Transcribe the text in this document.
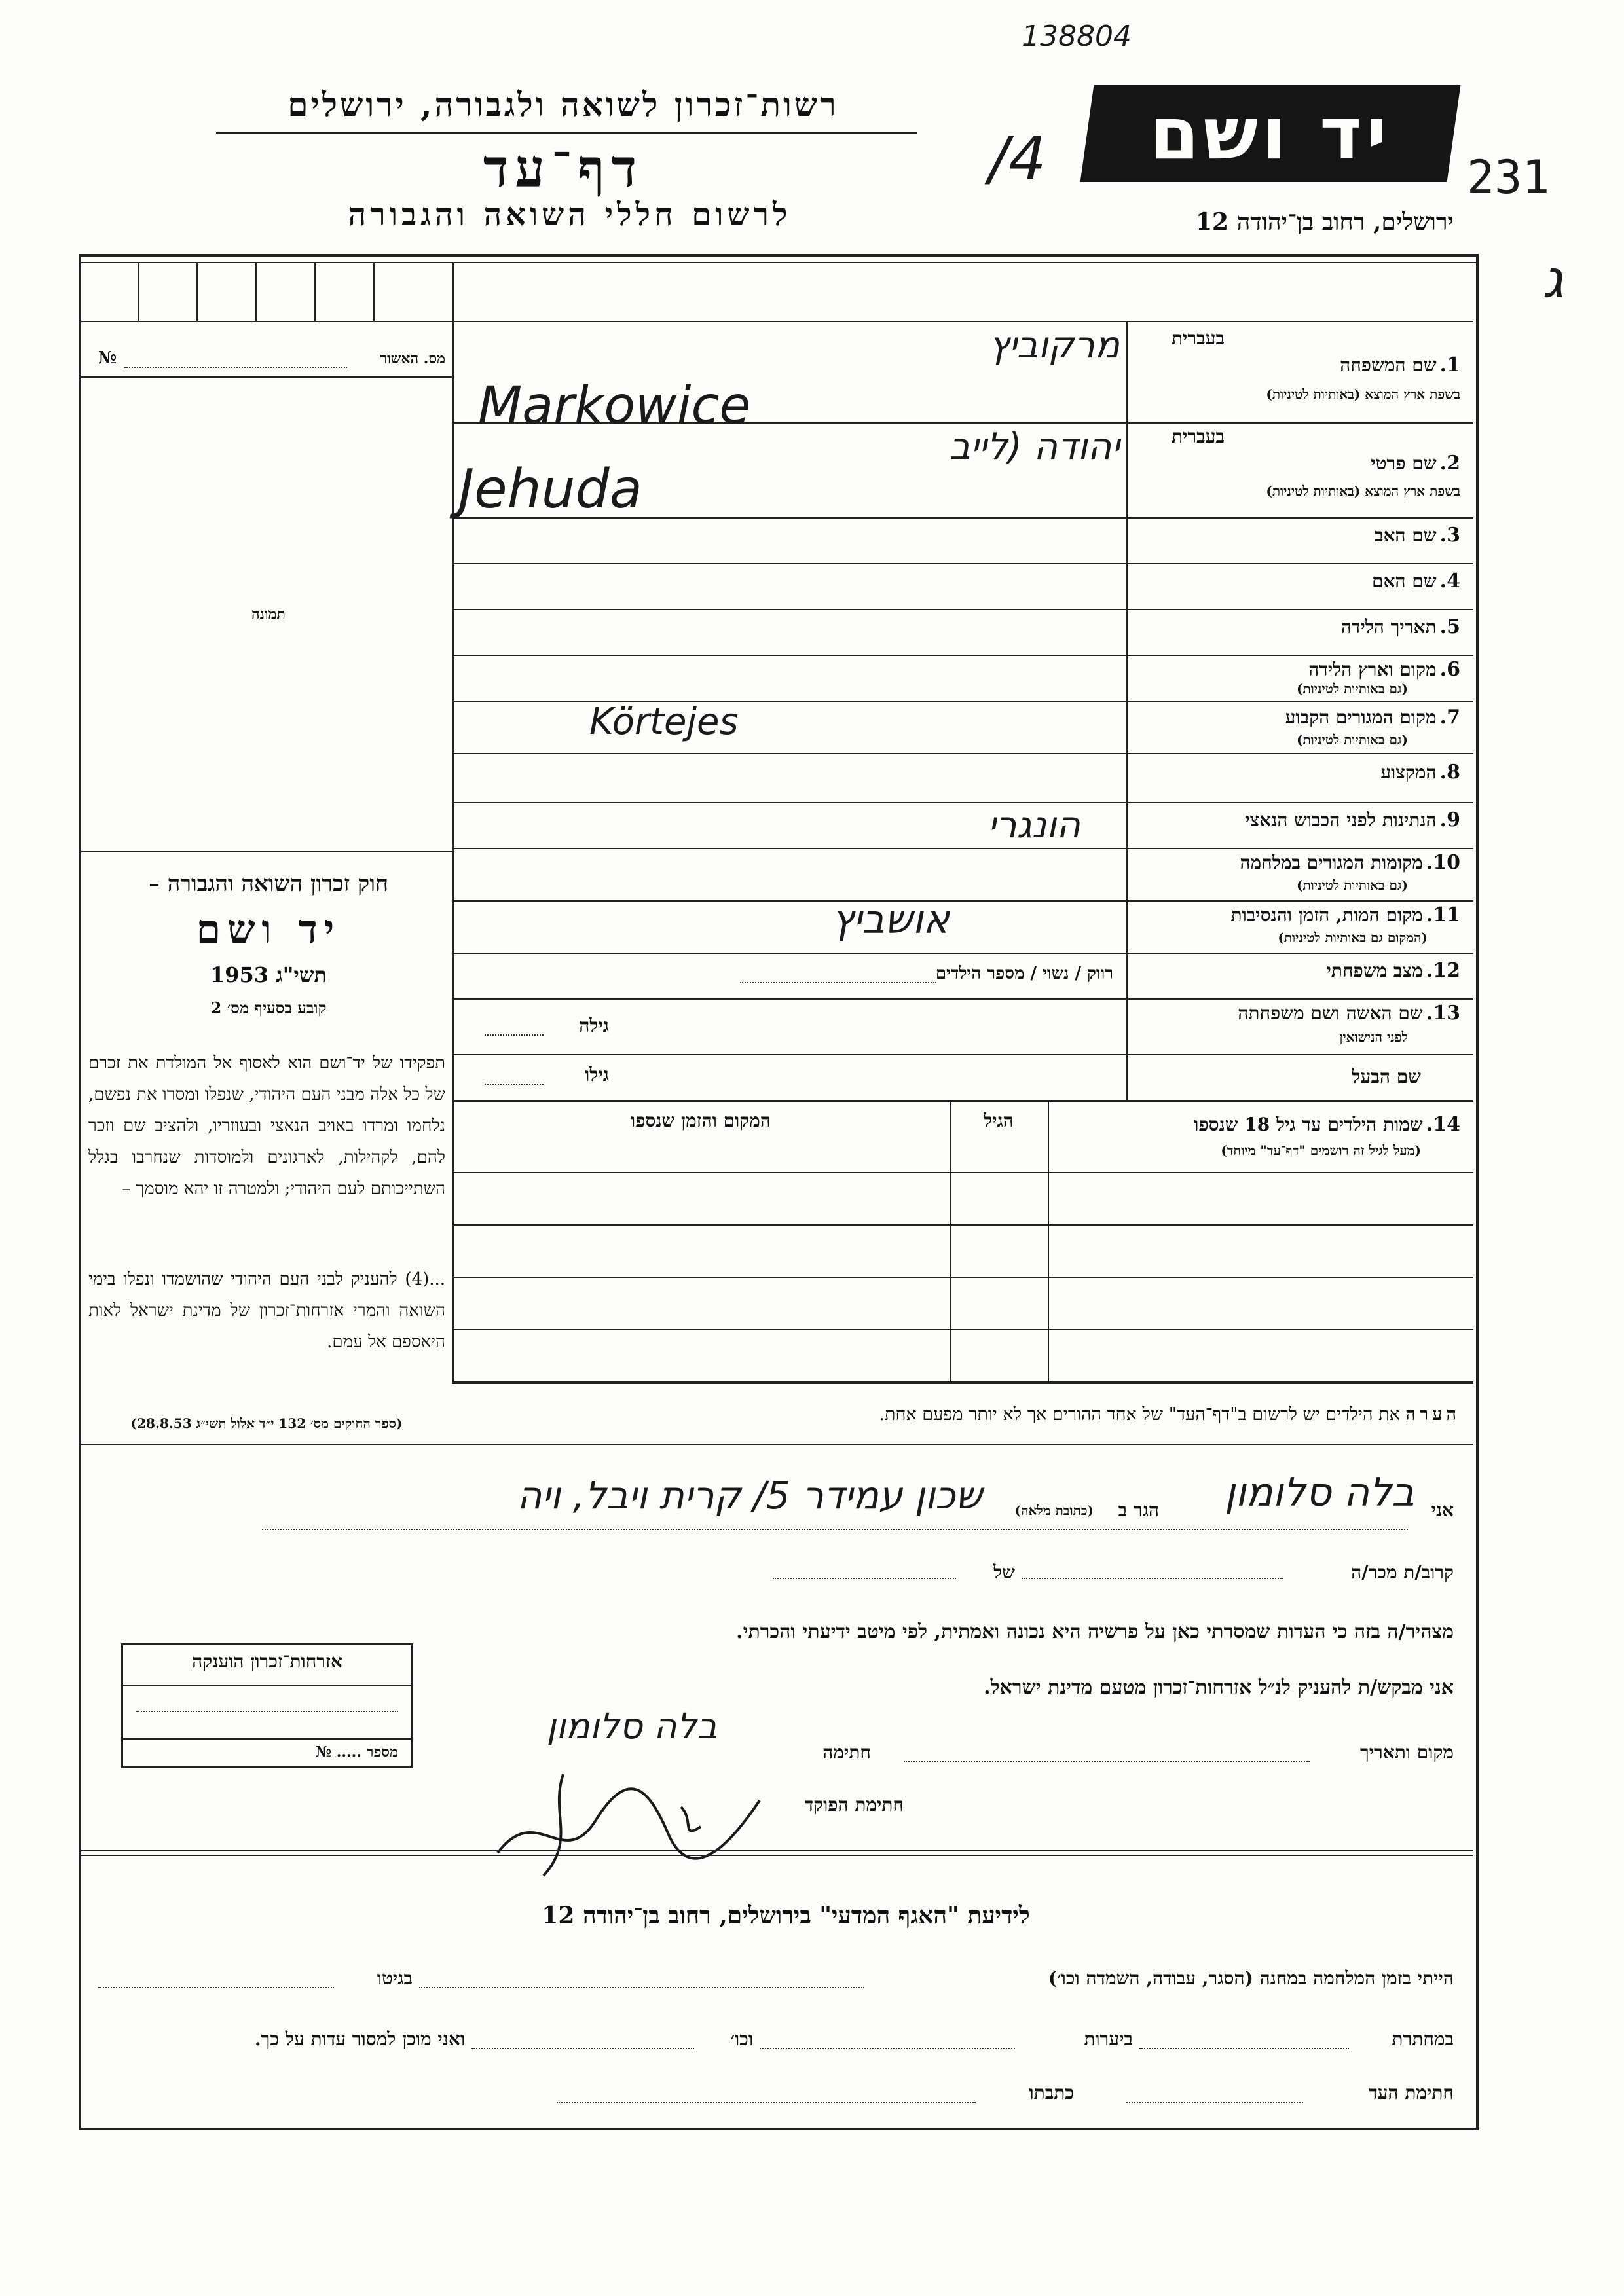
138804
231
ג
/4
רשות־זכרון לשואה ולגבורה, ירושלים
דף־עד
לרשום חללי השואה והגבורה
יד ושם
ירושלים, רחוב בן־יהודה 12
מס. האשור
№
תמונה
חוק זכרון השואה והגבורה –
יד ושם
תשי"ג 1953
קובע בסעיף מס׳ 2
תפקידו של יד־ושם הוא לאסוף אל המולדת את זכרם של כל אלה מבני העם היהודי, שנפלו ומסרו את נפשם, נלחמו ומרדו באויב הנאצי ובעוזריו, ולהציב שם וזכר להם, לקהילות, לארגונים ולמוסדות שנחרבו בגלל השתייכותם לעם היהודי; ולמטרה זו יהא מוסמך –
...(4) להעניק לבני העם היהודי שהושמדו ונפלו בימי השואה והמרי אזרחות־זכרון של מדינת ישראל לאות היאספם אל עמם.
(ספר החוקים מס׳ 132 י״ד אלול תשי״ג 28.8.53)
בעברית
1. שם המשפחה
בשפת ארץ המוצא (באותיות לטיניות)
מרקוביץ
Markowice
בעברית
2. שם פרטי
בשפת ארץ המוצא (באותיות לטיניות)
יהודה (לייב
Jehuda
3. שם האב
4. שם האם
5. תאריך הלידה
6. מקום וארץ הלידה
(גם באותיות לטיניות)
7. מקום המגורים הקבוע
(גם באותיות לטיניות)
Körtejes
8. המקצוע
9. הנתינות לפני הכבוש הנאצי
הונגרי
10. מקומות המגורים במלחמה
(גם באותיות לטיניות)
11. מקום המות, הזמן והנסיבות
(המקום גם באותיות לטיניות)
אושביץ
12. מצב משפחתי
רווק / נשוי / מספר הילדים
13. שם האשה ושם משפחתה
לפני הנישואין
גילה
שם הבעל
גילו
14. שמות הילדים עד גיל 18 שנספו
(מעל לגיל זה רושמים "דף־עד" מיוחד)
הגיל
המקום והזמן שנספו
הערה את הילדים יש לרשום ב"דף־העד" של אחד ההורים אך לא יותר מפעם אחת.
אני
בלה סלומון
הגר ב
(כתובת מלאה)
שכון עמידר 5/ קרית ויבל, ויה
קרוב/ת מכר/ה
של
מצהיר/ה בזה כי העדות שמסרתי כאן על פרשיה היא נכונה ואמתית, לפי מיטב ידיעתי והכרתי.
אני מבקש/ת להעניק לנ״ל אזרחות־זכרון מטעם מדינת ישראל.
מקום ותאריך
חתימה
בלה סלומון
חתימת הפוקד
אזרחות־זכרון הוענקה
מספר ..... №
לידיעת "האגף המדעי" בירושלים, רחוב בן־יהודה 12
הייתי בזמן המלחמה במחנה (הסגר, עבודה, השמדה וכו׳)
בגיטו
במחתרת
ביערות
וכו׳
ואני מוכן למסור עדות על כך.
חתימת העד
כתבתו
